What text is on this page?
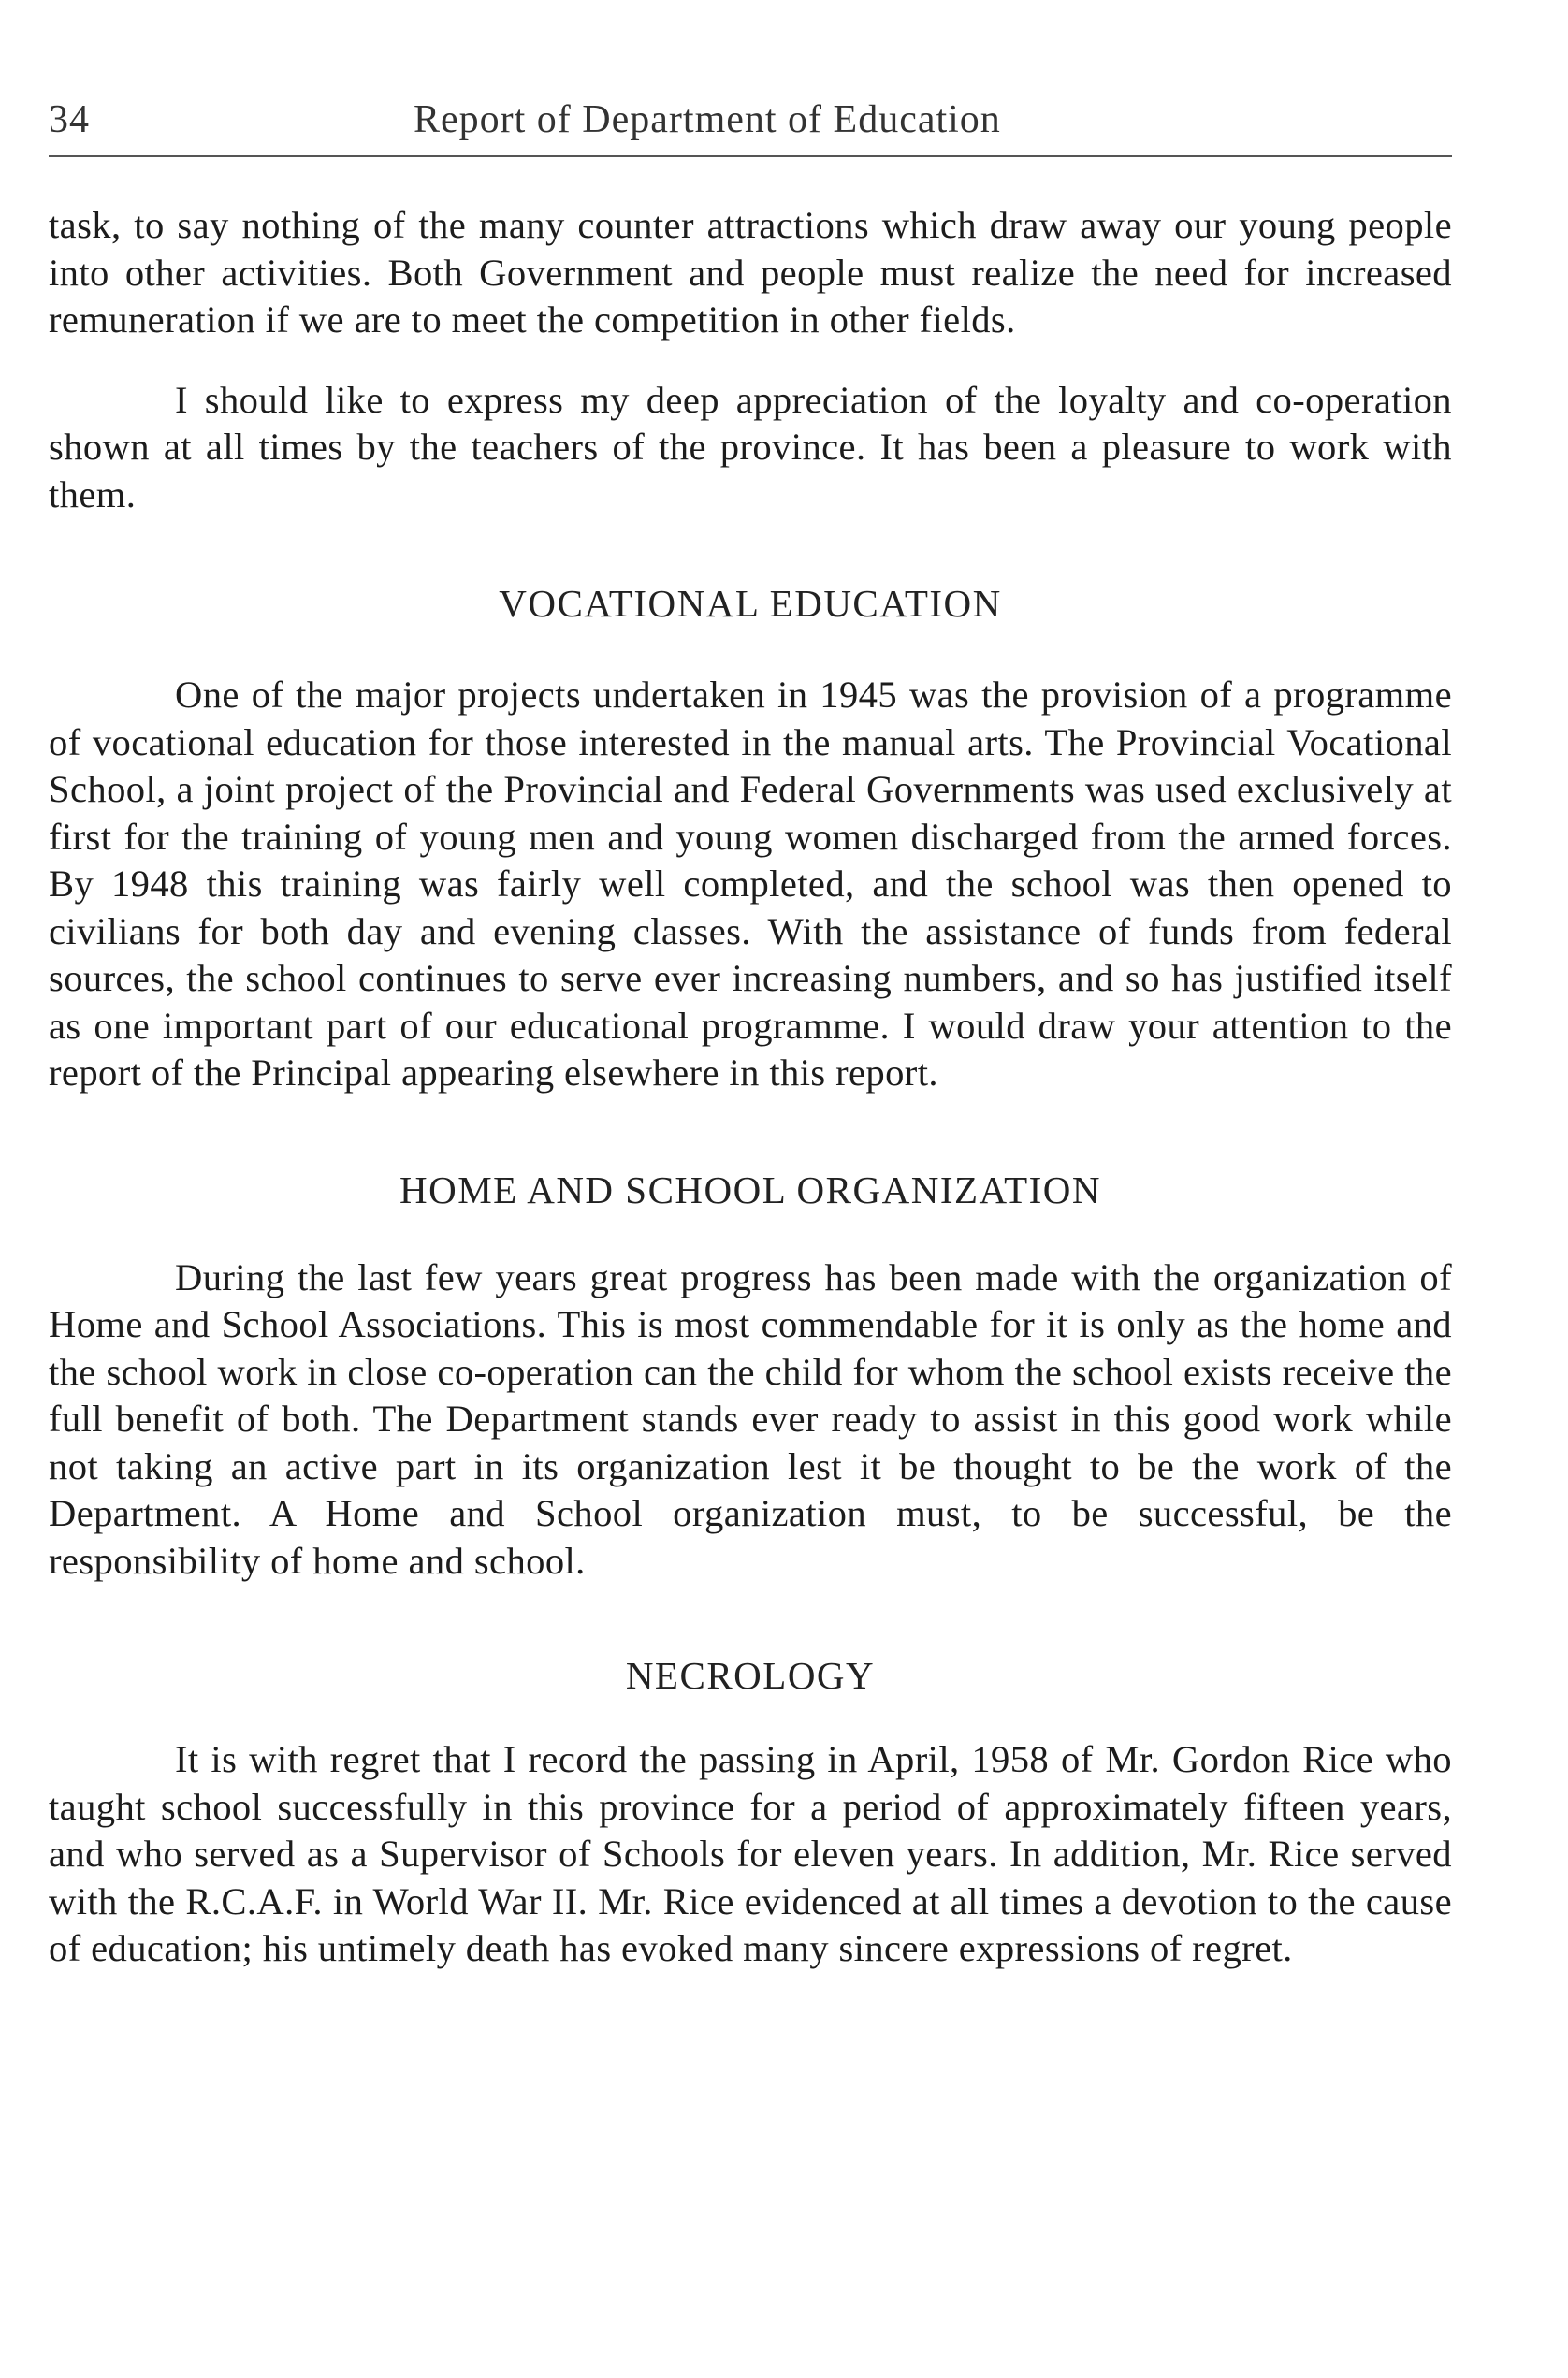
34	Report of Department of Education

task, to say nothing of the many counter attractions which draw away our young people into other activities. Both Government and people must realize the need for increased remuneration if we are to meet the competition in other fields.

I should like to express my deep appreciation of the loyalty and co-operation shown at all times by the teachers of the province. It has been a pleasure to work with them.

VOCATIONAL EDUCATION

One of the major projects undertaken in 1945 was the provision of a programme of vocational education for those interested in the manual arts. The Provincial Vocational School, a joint project of the Provincial and Federal Governments was used exclusively at first for the training of young men and young women discharged from the armed forces. By 1948 this training was fairly well completed, and the school was then opened to civilians for both day and evening classes. With the assistance of funds from federal sources, the school continues to serve ever increasing numbers, and so has justified itself as one important part of our educational programme. I would draw your attention to the report of the Principal appearing elsewhere in this report.

HOME AND SCHOOL ORGANIZATION

During the last few years great progress has been made with the organization of Home and School Associations. This is most commendable for it is only as the home and the school work in close co-operation can the child for whom the school exists receive the full benefit of both. The Department stands ever ready to assist in this good work while not taking an active part in its organization lest it be thought to be the work of the Department. A Home and School organization must, to be successful, be the responsibility of home and school.

NECROLOGY

It is with regret that I record the passing in April, 1958 of Mr. Gordon Rice who taught school successfully in this province for a period of approximately fifteen years, and who served as a Supervisor of Schools for eleven years. In addition, Mr. Rice served with the R.C.A.F. in World War II. Mr. Rice evidenced at all times a devotion to the cause of education; his untimely death has evoked many sincere expressions of regret.
